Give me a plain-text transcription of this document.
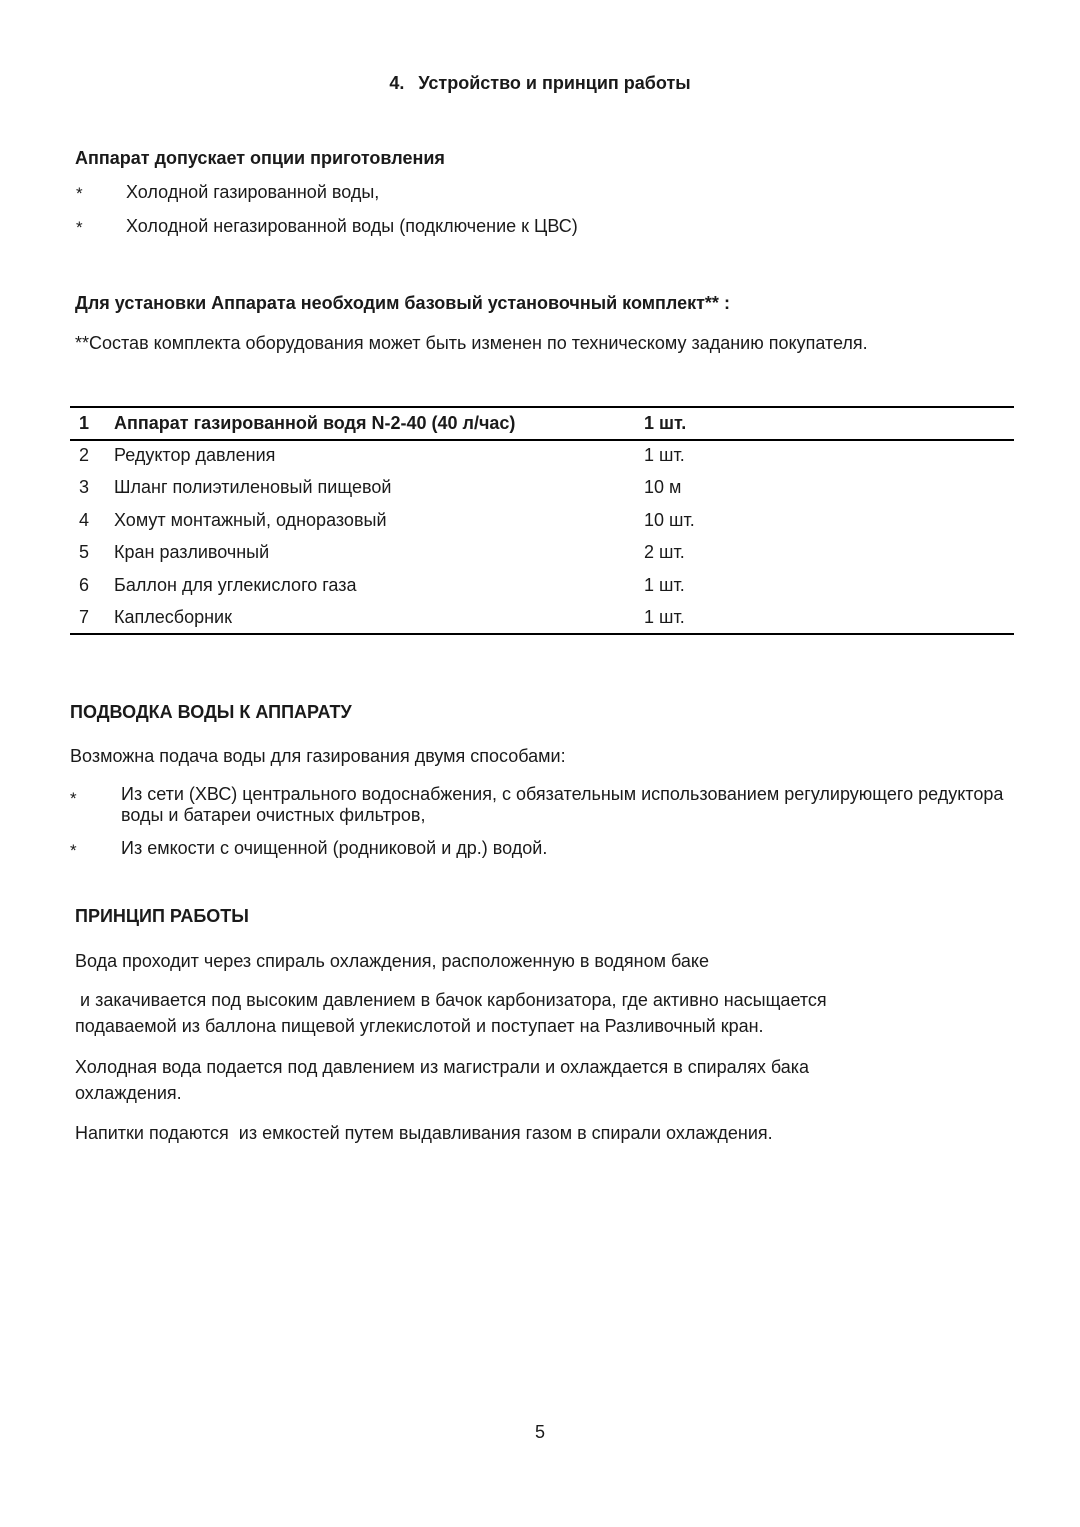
4. Устройство и принцип работы
Аппарат допускает опции приготовления
* Холодной газированной воды,
* Холодной негазированной воды (подключение к ЦВС)
Для установки Аппарата необходим базовый установочный комплект** :
**Состав комплекта оборудования может быть изменен по техническому заданию покупателя.
1 Аппарат газированной водя N-2-40 (40 л/час)	1 шт.
2 Редуктор давления	1 шт.
3 Шланг полиэтиленовый пищевой	10 м
4 Хомут монтажный, одноразовый	10 шт.
5 Кран разливочный	2 шт.
6 Баллон для углекислого газа	1 шт.
7 Каплесборник	1 шт.
ПОДВОДКА ВОДЫ К АППАРАТУ
Возможна подача воды для газирования двумя способами:
* Из сети (ХВС) центрального водоснабжения, с обязательным использованием регулирующего редуктора воды и батареи очистных фильтров,
* Из емкости с очищенной (родниковой и др.) водой.
ПРИНЦИП РАБОТЫ
Вода проходит через спираль охлаждения, расположенную в водяном баке
и закачивается под высоким давлением в бачок карбонизатора, где активно насыщается подаваемой из баллона пищевой углекислотой и поступает на Разливочный кран.
Холодная вода подается под давлением из магистрали и охлаждается в спиралях бака охлаждения.
Напитки подаются  из емкостей путем выдавливания газом в спирали охлаждения.
5
